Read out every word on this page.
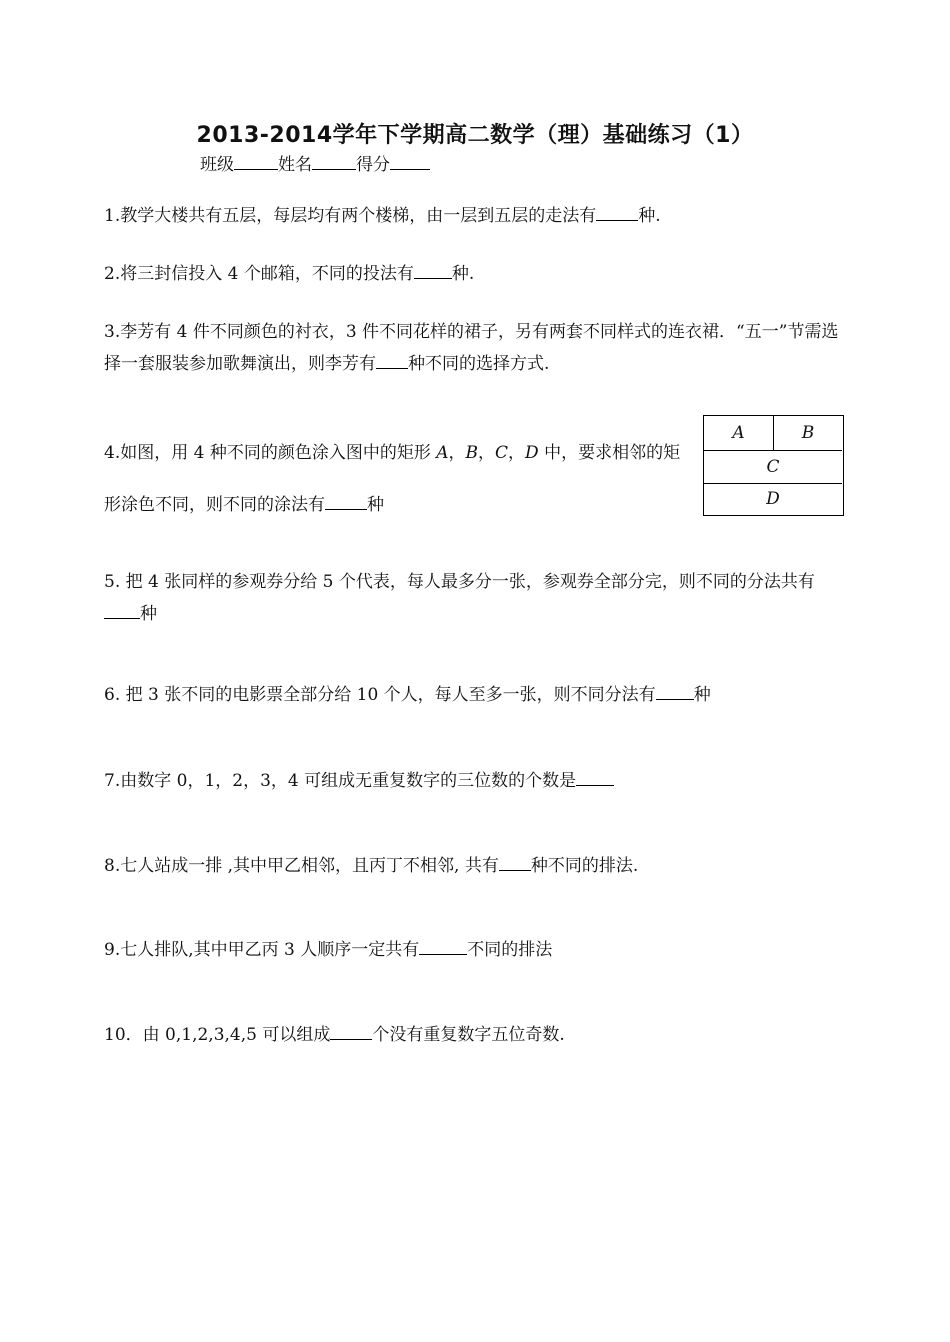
2013-2014学年下学期高二数学（理）基础练习（1）
班级	姓名	得分
1.教学大楼共有五层，每层均有两个楼梯，由一层到五层的走法有 种.
2.将三封信投入 4 个邮箱，不同的投法有 种.
3.李芳有 4 件不同颜色的衬衣，3 件不同花样的裙子，另有两套不同样式的连衣裙．“五一”节需选择一套服装参加歌舞演出，则李芳有 种不同的选择方式.
4.如图，用 4 种不同的颜色涂入图中的矩形 A，B，C，D 中，要求相邻的矩形涂色不同，则不同的涂法有 种
A	B
C
D
5. 把 4 张同样的参观券分给 5 个代表，每人最多分一张，参观券全部分完，则不同的分法共有种
6. 把 3 张不同的电影票全部分给 10 个人，每人至多一张，则不同分法有 种
7.由数字 0，1，2，3，4 可组成无重复数字的三位数的个数是
8.七人站成一排 ,其中甲乙相邻，且丙丁不相邻, 共有 种不同的排法.
9.七人排队,其中甲乙丙 3 人顺序一定共有	不同的排法
10．由 0,1,2,3,4,5 可以组成 个没有重复数字五位奇数.
